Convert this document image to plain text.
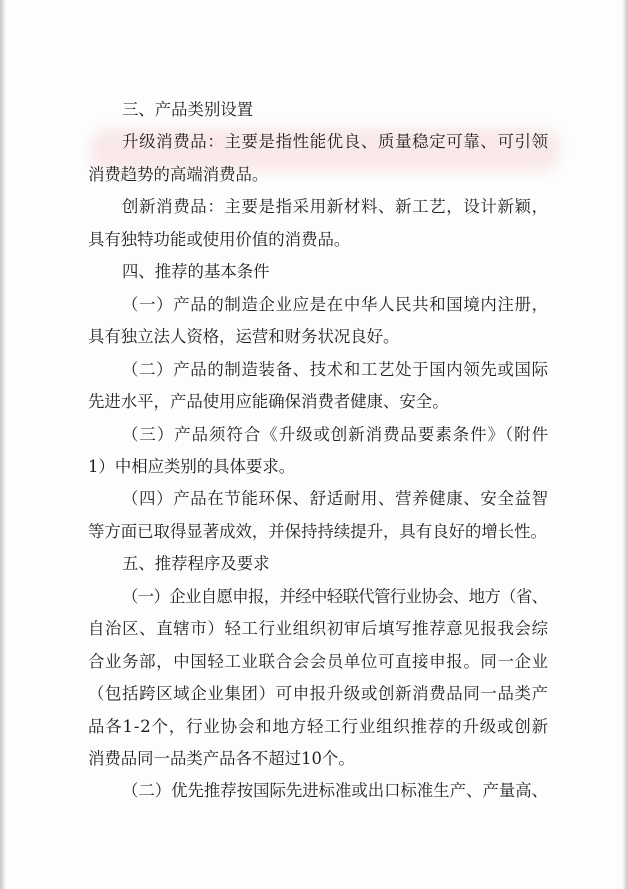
三、产品类别设置
升级消费品：主要是指性能优良、质量稳定可靠、可引领
消费趋势的高端消费品。
创新消费品：主要是指采用新材料、新工艺，设计新颖，
具有独特功能或使用价值的消费品。
四、推荐的基本条件
（一）产品的制造企业应是在中华人民共和国境内注册，
具有独立法人资格，运营和财务状况良好。
（二）产品的制造装备、技术和工艺处于国内领先或国际
先进水平，产品使用应能确保消费者健康、安全。
（三）产品须符合《升级或创新消费品要素条件》（附件
1）中相应类别的具体要求。
（四）产品在节能环保、舒适耐用、营养健康、安全益智
等方面已取得显著成效，并保持持续提升，具有良好的增长性。
五、推荐程序及要求
（一）企业自愿申报，并经中轻联代管行业协会、地方（省、
自治区、直辖市）轻工行业组织初审后填写推荐意见报我会综
合业务部，中国轻工业联合会会员单位可直接申报。同一企业
（包括跨区域企业集团）可申报升级或创新消费品同一品类产
品各1-2个，行业协会和地方轻工行业组织推荐的升级或创新
消费品同一品类产品各不超过10个。
（二）优先推荐按国际先进标准或出口标准生产、产量高、
